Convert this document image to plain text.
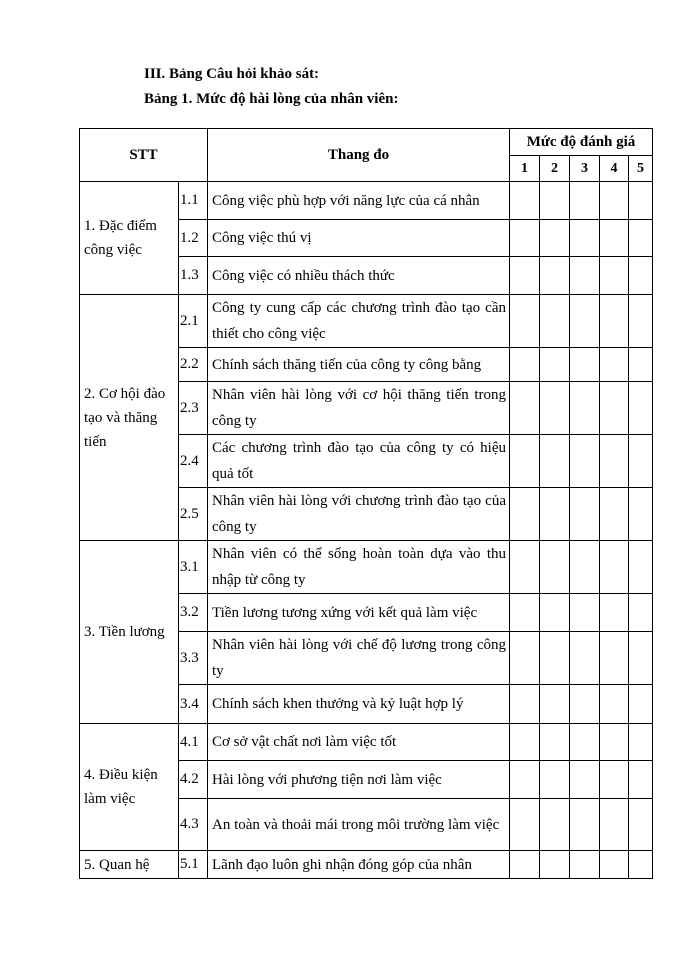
III. Bảng Câu hỏi khảo sát:
Bảng 1. Mức độ hài lòng của nhân viên:
STT		Thang đo	Mức độ đánh giá				
			1	2	3	4	5
1. Đặc điểm công việc	1.1	Công việc phù hợp với năng lực của cá nhân					
	1.2	Công việc thú vị					
	1.3	Công việc có nhiều thách thức					
2. Cơ hội đào tạo và thăng tiến	2.1	Công ty cung cấp các chương trình đào tạo cần thiết cho công việc					
	2.2	Chính sách thăng tiến của công ty công bằng					
	2.3	Nhân viên hài lòng với cơ hội thăng tiến trong công ty					
	2.4	Các chương trình đào tạo của công ty có hiệu quả tốt					
	2.5	Nhân viên hài lòng với chương trình đào tạo của công ty					
3. Tiền lương	3.1	Nhân viên có thể sống hoàn toàn dựa vào thu nhập từ công ty					
	3.2	Tiền lương tương xứng với kết quả làm việc					
	3.3	Nhân viên hài lòng với chế độ lương trong công ty					
	3.4	Chính sách khen thưởng và kỷ luật hợp lý					
4. Điều kiện làm việc	4.1	Cơ sở vật chất nơi làm việc tốt					
	4.2	Hài lòng với phương tiện nơi làm việc					
	4.3	An toàn và thoải mái trong môi trường làm việc					
5. Quan hệ	5.1	Lãnh đạo luôn ghi nhận đóng góp của nhân					
